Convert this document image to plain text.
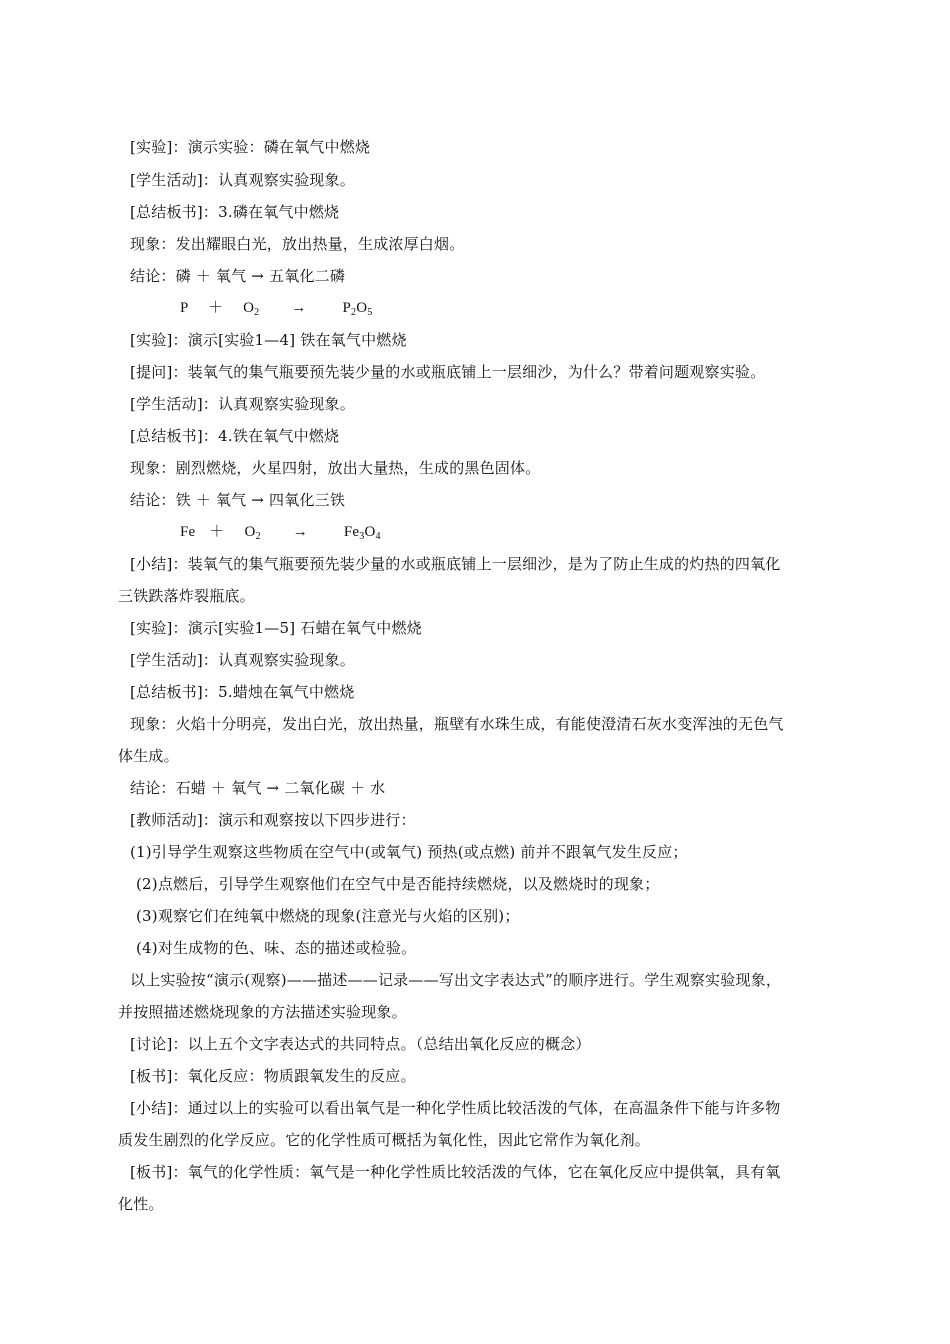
[实验]：演示实验：磷在氧气中燃烧
[学生活动]：认真观察实验现象。
[总结板书]：3.磷在氧气中燃烧
现象：发出耀眼白光，放出热量，生成浓厚白烟。
结论：磷 ＋ 氧气 → 五氧化二磷
$P + O_2 \to P_2O_5$
[实验]：演示[实验1—4] 铁在氧气中燃烧
[提问]：装氧气的集气瓶要预先装少量的水或瓶底铺上一层细沙，为什么？带着问题观察实验。
[学生活动]：认真观察实验现象。
[总结板书]：4.铁在氧气中燃烧
现象：剧烈燃烧，火星四射，放出大量热，生成的黑色固体。
结论：铁 ＋ 氧气 → 四氧化三铁
$Fe + O_2 \to Fe_3O_4$
[小结]：装氧气的集气瓶要预先装少量的水或瓶底铺上一层细沙，是为了防止生成的灼热的四氧化
三铁跌落炸裂瓶底。
[实验]：演示[实验1—5] 石蜡在氧气中燃烧
[学生活动]：认真观察实验现象。
[总结板书]：5.蜡烛在氧气中燃烧
现象：火焰十分明亮，发出白光，放出热量，瓶壁有水珠生成，有能使澄清石灰水变浑浊的无色气
体生成。
结论：石蜡 ＋ 氧气 → 二氧化碳 ＋ 水
[教师活动]：演示和观察按以下四步进行：
(1)引导学生观察这些物质在空气中(或氧气) 预热(或点燃) 前并不跟氧气发生反应；
(2)点燃后，引导学生观察他们在空气中是否能持续燃烧，以及燃烧时的现象；
(3)观察它们在纯氧中燃烧的现象(注意光与火焰的区别)；
(4)对生成物的色、味、态的描述或检验。
以上实验按“演示(观察)——描述——记录——写出文字表达式”的顺序进行。学生观察实验现象，
并按照描述燃烧现象的方法描述实验现象。
[讨论]：以上五个文字表达式的共同特点。（总结出氧化反应的概念）
[板书]：氧化反应：物质跟氧发生的反应。
[小结]：通过以上的实验可以看出氧气是一种化学性质比较活泼的气体，在高温条件下能与许多物
质发生剧烈的化学反应。它的化学性质可概括为氧化性，因此它常作为氧化剂。
[板书]：氧气的化学性质：氧气是一种化学性质比较活泼的气体，它在氧化反应中提供氧，具有氧
化性。
